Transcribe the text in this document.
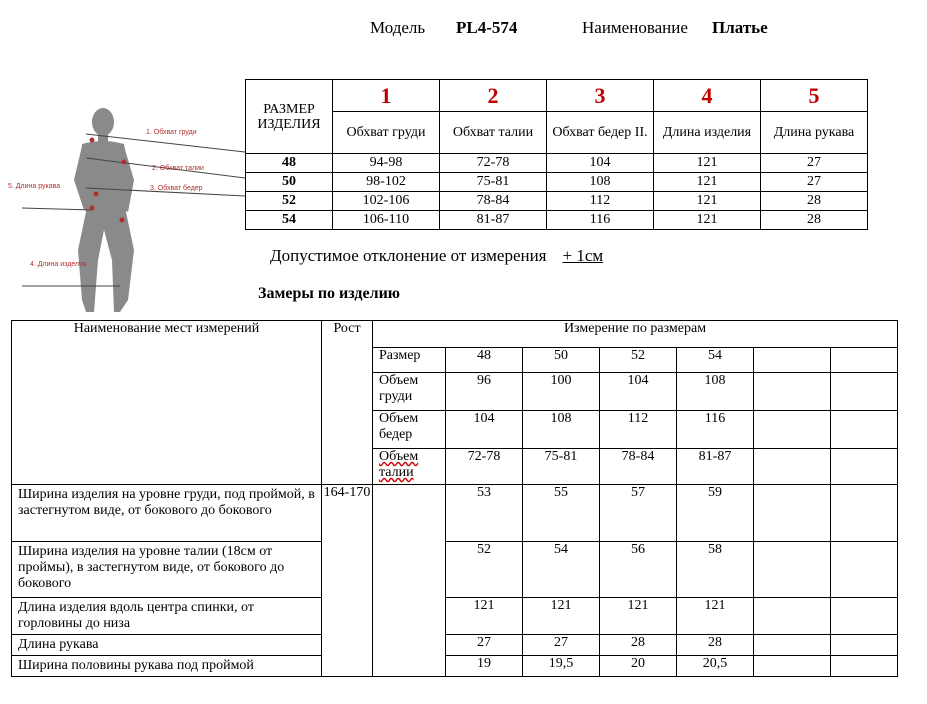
Модель PL4-574	Наименование Платье
1. Обхват груди
2. Обхват талии
3. Обхват бедер
5. Длина рукава
4. Длина изделия
РАЗМЕР ИЗДЕЛИЯ	1	2	3	4	5
	Обхват груди	Обхват талии	Обхват бедер II.	Длина изделия	Длина рукава
48	94-98	72-78	104	121	27
50	98-102	75-81	108	121	27
52	102-106	78-84	112	121	28
54	106-110	81-87	116	121	28
Допустимое отклонение от измерения + 1см
Замеры по изделию
Наименование мест измерений	Рост	Измерение по размерам						
		Размер	48	50	52	54		
		Объем груди	96	100	104	108		
		Объем бедер	104	108	112	116		
		Объем талии	72-78	75-81	78-84	81-87		
Ширина изделия на уровне груди, под проймой, в застегнутом виде, от бокового до бокового	164-170		53	55	57	59		
Ширина изделия на уровне талии (18см от проймы), в застегнутом виде, от бокового до бокового			52	54	56	58		
Длина изделия вдоль центра спинки, от горловины до низа			121	121	121	121		
Длина рукава			27	27	28	28		
Ширина половины рукава под проймой			19	19,5	20	20,5		
